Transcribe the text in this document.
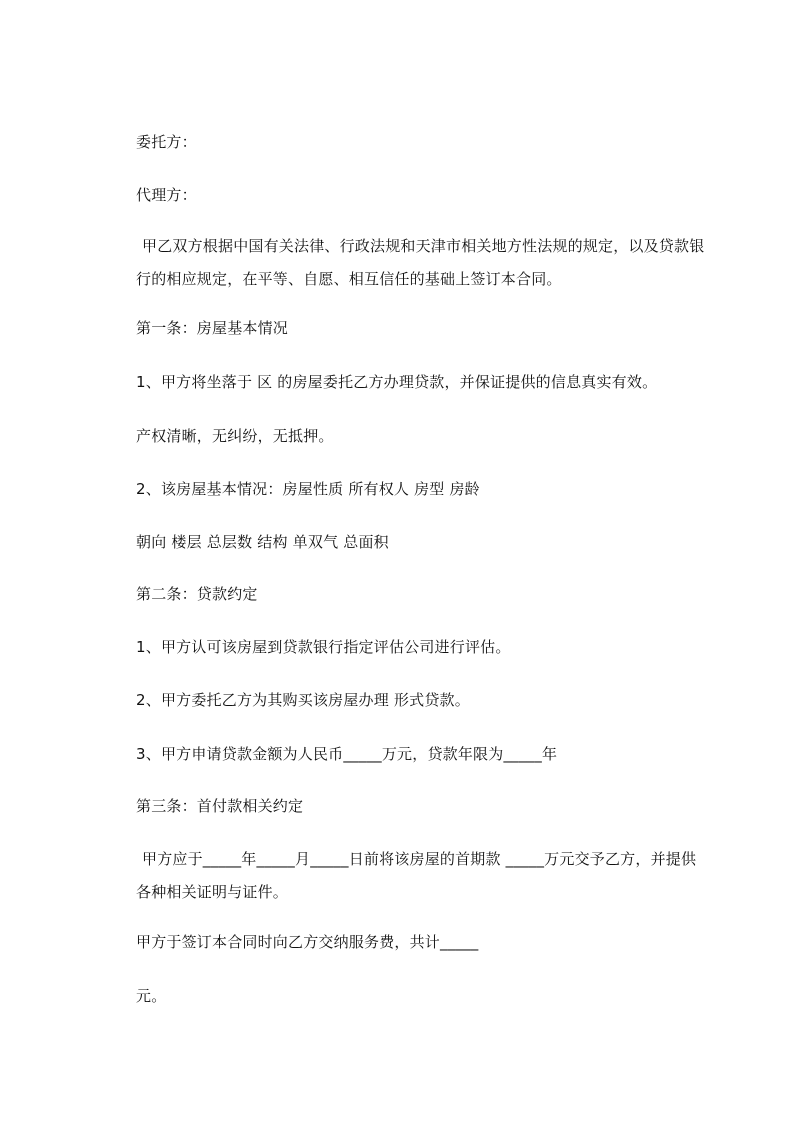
委托方：
代理方：
甲乙双方根据中国有关法律、行政法规和天津市相关地方性法规的规定，以及贷款银行的相应规定，在平等、自愿、相互信任的基础上签订本合同。
第一条：房屋基本情况
1、甲方将坐落于 区 的房屋委托乙方办理贷款，并保证提供的信息真实有效。
产权清晰，无纠纷，无抵押。
2、该房屋基本情况：房屋性质 所有权人 房型 房龄
朝向 楼层 总层数 结构 单双气 总面积
第二条：贷款约定
1、甲方认可该房屋到贷款银行指定评估公司进行评估。
2、甲方委托乙方为其购买该房屋办理 形式贷款。
3、甲方申请贷款金额为人民币_____万元，贷款年限为_____年
第三条：首付款相关约定
甲方应于_____年_____月_____日前将该房屋的首期款 _____万元交予乙方，并提供各种相关证明与证件。
甲方于签订本合同时向乙方交纳服务费，共计_____
元。
